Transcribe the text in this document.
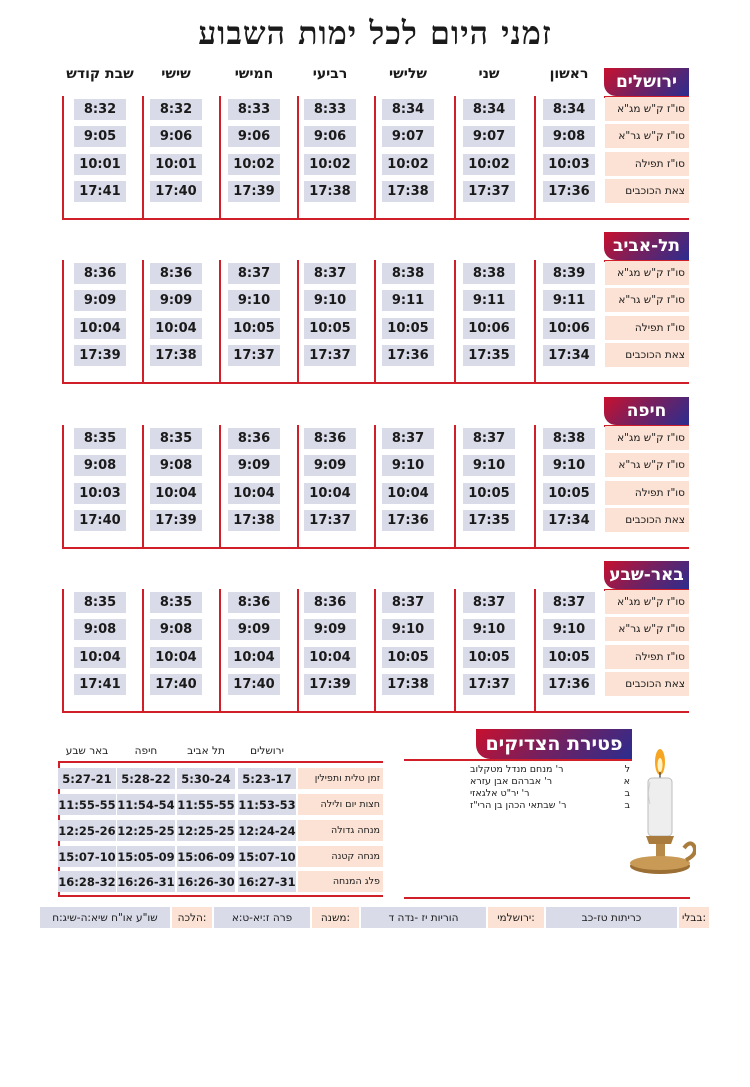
זמני היום לכל ימות השבוע
ראשון
שני
שלישי
רביעי
חמישי
שישי
שבת קודש	ירושלים
סו"ז ק"ש מג"א
8:34
8:34
8:34
8:33
8:33
8:32
8:32
סו"ז ק"ש גר"א
9:08
9:07
9:07
9:06
9:06
9:06
9:05
סו"ז תפילה
10:03
10:02
10:02
10:02
10:02
10:01
10:01
צאת הכוכבים
17:36
17:37
17:38
17:38
17:39
17:40
17:41
תל-אביב
סו"ז ק"ש מג"א
8:39
8:38
8:38
8:37
8:37
8:36
8:36
סו"ז ק"ש גר"א
9:11
9:11
9:11
9:10
9:10
9:09
9:09
סו"ז תפילה
10:06
10:06
10:05
10:05
10:05
10:04
10:04
צאת הכוכבים
17:34
17:35
17:36
17:37
17:37
17:38
17:39
חיפה
סו"ז ק"ש מג"א
8:38
8:37
8:37
8:36
8:36
8:35
8:35
סו"ז ק"ש גר"א
9:10
9:10
9:10
9:09
9:09
9:08
9:08
סו"ז תפילה
10:05
10:05
10:04
10:04
10:04
10:04
10:03
צאת הכוכבים
17:34
17:35
17:36
17:37
17:38
17:39
17:40
באר-שבע
סו"ז ק"ש מג"א
8:37
8:37
8:37
8:36
8:36
8:35
8:35
סו"ז ק"ש גר"א
9:10
9:10
9:10
9:09
9:09
9:08
9:08
סו"ז תפילה
10:05
10:05
10:05
10:04
10:04
10:04
10:04
צאת הכוכבים
17:36
17:37
17:38
17:39
17:40
17:40
17:41
ירושלים
תל אביב
חיפה
באר שבע
זמן טלית ותפילין
5:23-17
5:30-24
5:28-22
5:27-21
חצות יום ולילה
11:53-53
11:55-55
11:54-54
11:55-55
מנחה גדולה
12:24-24
12:25-25
12:25-25
12:25-26
מנחה קטנה
15:07-10
15:06-09
15:05-09
15:07-10
פלג המנחה
16:27-31
16:26-30
16:26-31
16:28-32
פטירת הצדיקים
ל
ר' מנחם מנדל מטקלוב
א
ר' אברהם אבן עזרא
ב
ר' יר"ט אלגאזי
ב
ר' שבתאי הכהן בן הרי"ז
בבלי:
כריתות טז-כב
ירושלמי:
הוריות יז -נדה ד
משנה:
פרה ז:יא-ט:א
הלכה:
שו"ע או"ח שיא:ה-שיג:ח
